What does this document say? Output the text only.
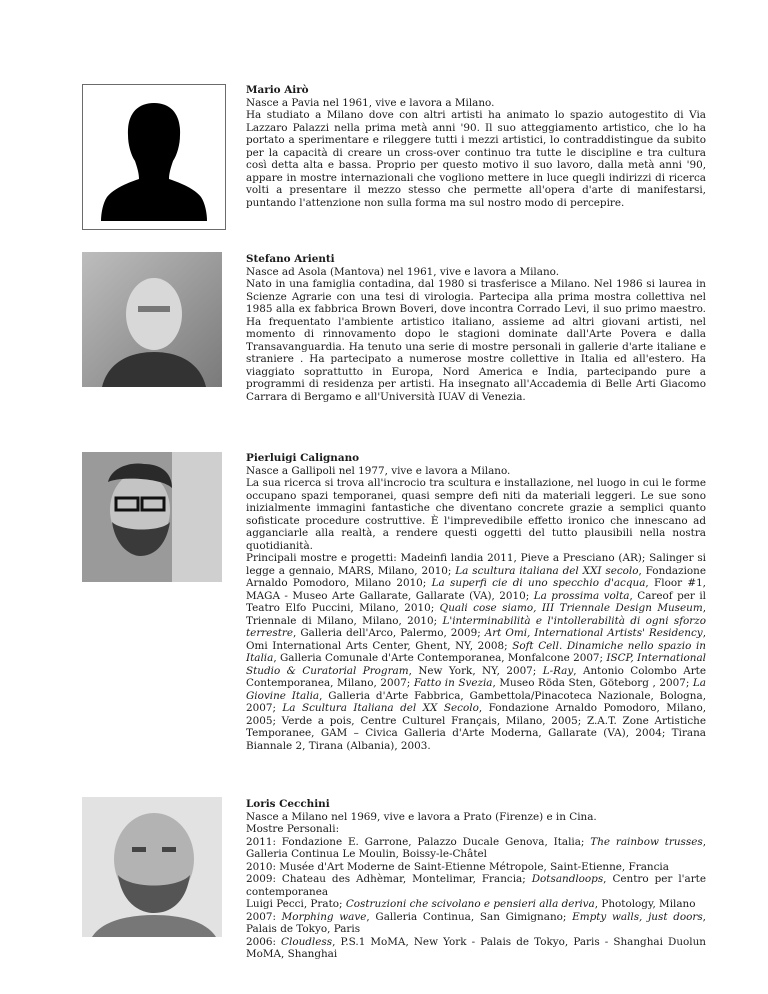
Mario Airò

Nasce a Pavia nel 1961, vive e lavora a Milano.

Ha studiato a Milano dove con altri artisti ha animato lo spazio autogestito di Via Lazzaro Palazzi nella prima metà anni '90. Il suo atteggiamento artistico, che lo ha portato a sperimentare e rileggere tutti i mezzi artistici, lo contraddistingue da subito per la capacità di creare un cross-over continuo tra tutte le discipline e tra cultura così detta alta e bassa. Proprio per questo motivo il suo lavoro, dalla metà anni '90, appare in mostre internazionali che vogliono mettere in luce quegli indirizzi di ricerca volti a presentare il mezzo stesso che permette all'opera d'arte di manifestarsi, puntando l'attenzione non sulla forma ma sul nostro modo di percepire.

Stefano Arienti

Nasce ad Asola (Mantova) nel 1961, vive e lavora a Milano.

Nato in una famiglia contadina, dal 1980 si trasferisce a Milano. Nel 1986 si laurea in Scienze Agrarie con una tesi di virologia. Partecipa alla prima mostra collettiva nel 1985 alla ex fabbrica Brown Boveri, dove incontra Corrado Levi, il suo primo maestro. Ha frequentato l'ambiente artistico italiano, assieme ad altri giovani artisti, nel momento di rinnovamento dopo le stagioni dominate dall'Arte Povera e dalla Transavanguardia. Ha tenuto una serie di mostre personali in gallerie d'arte italiane e straniere . Ha partecipato a numerose mostre collettive in Italia ed all'estero. Ha viaggiato soprattutto in Europa, Nord America e India, partecipando pure a programmi di residenza per artisti. Ha insegnato all'Accademia di Belle Arti Giacomo Carrara di Bergamo e all'Università IUAV di Venezia.

Pierluigi Calignano

Nasce a Gallipoli nel 1977, vive e lavora a Milano.

La sua ricerca si trova all'incrocio tra scultura e installazione, nel luogo in cui le forme occupano spazi temporanei, quasi sempre defi niti da materiali leggeri. Le sue sono inizialmente immagini fantastiche che diventano concrete grazie a semplici quanto sofisticate procedure costruttive. È l'imprevedibile effetto ironico che innescano ad agganciarle alla realtà, a rendere questi oggetti del tutto plausibili nella nostra quotidianità.

Principali mostre e progetti: Madeinfi landia 2011, Pieve a Presciano (AR); Salinger si legge a gennaio, MARS, Milano, 2010; La scultura italiana del XXI secolo, Fondazione Arnaldo Pomodoro, Milano 2010; La superfi cie di uno specchio d'acqua, Floor #1, MAGA - Museo Arte Gallarate, Gallarate (VA), 2010; La prossima volta, Careof per il Teatro Elfo Puccini, Milano, 2010; Quali cose siamo, III Triennale Design Museum, Triennale di Milano, Milano, 2010; L'interminabilità e l'intollerabilità di ogni sforzo terrestre, Galleria dell'Arco, Palermo, 2009; Art Omi, International Artists' Residency, Omi International Arts Center, Ghent, NY, 2008; Soft Cell. Dinamiche nello spazio in Italia, Galleria Comunale d'Arte Contemporanea, Monfalcone 2007; ISCP, International Studio & Curatorial Program, New York, NY, 2007; L-Ray, Antonio Colombo Arte Contemporanea, Milano, 2007; Fatto in Svezia, Museo Röda Sten, Göteborg , 2007; La Giovine Italia, Galleria d'Arte Fabbrica, Gambettola/Pinacoteca Nazionale, Bologna, 2007; La Scultura Italiana del XX Secolo, Fondazione Arnaldo Pomodoro, Milano, 2005; Verde a pois, Centre Culturel Français, Milano, 2005; Z.A.T. Zone Artistiche Temporanee, GAM – Civica Galleria d'Arte Moderna, Gallarate (VA), 2004; Tirana Biannale 2, Tirana (Albania), 2003.

Loris Cecchini

Nasce a Milano nel 1969, vive e lavora a Prato (Firenze) e in Cina.

Mostre Personali:

2011: Fondazione E. Garrone, Palazzo Ducale Genova, Italia; The rainbow trusses, Galleria Continua Le Moulin, Boissy-le-Châtel

2010: Musée d'Art Moderne de Saint-Etienne Métropole, Saint-Etienne, Francia

2009: Chateau des Adhèmar, Montelimar, Francia; Dotsandloops, Centro per l'arte contemporanea

Luigi Pecci, Prato; Costruzioni che scivolano e pensieri alla deriva, Photology, Milano

2007: Morphing wave, Galleria Continua, San Gimignano; Empty walls, just doors, Palais de Tokyo, Paris

2006: Cloudless, P.S.1 MoMA, New York - Palais de Tokyo, Paris - Shanghai Duolun MoMA, Shanghai
